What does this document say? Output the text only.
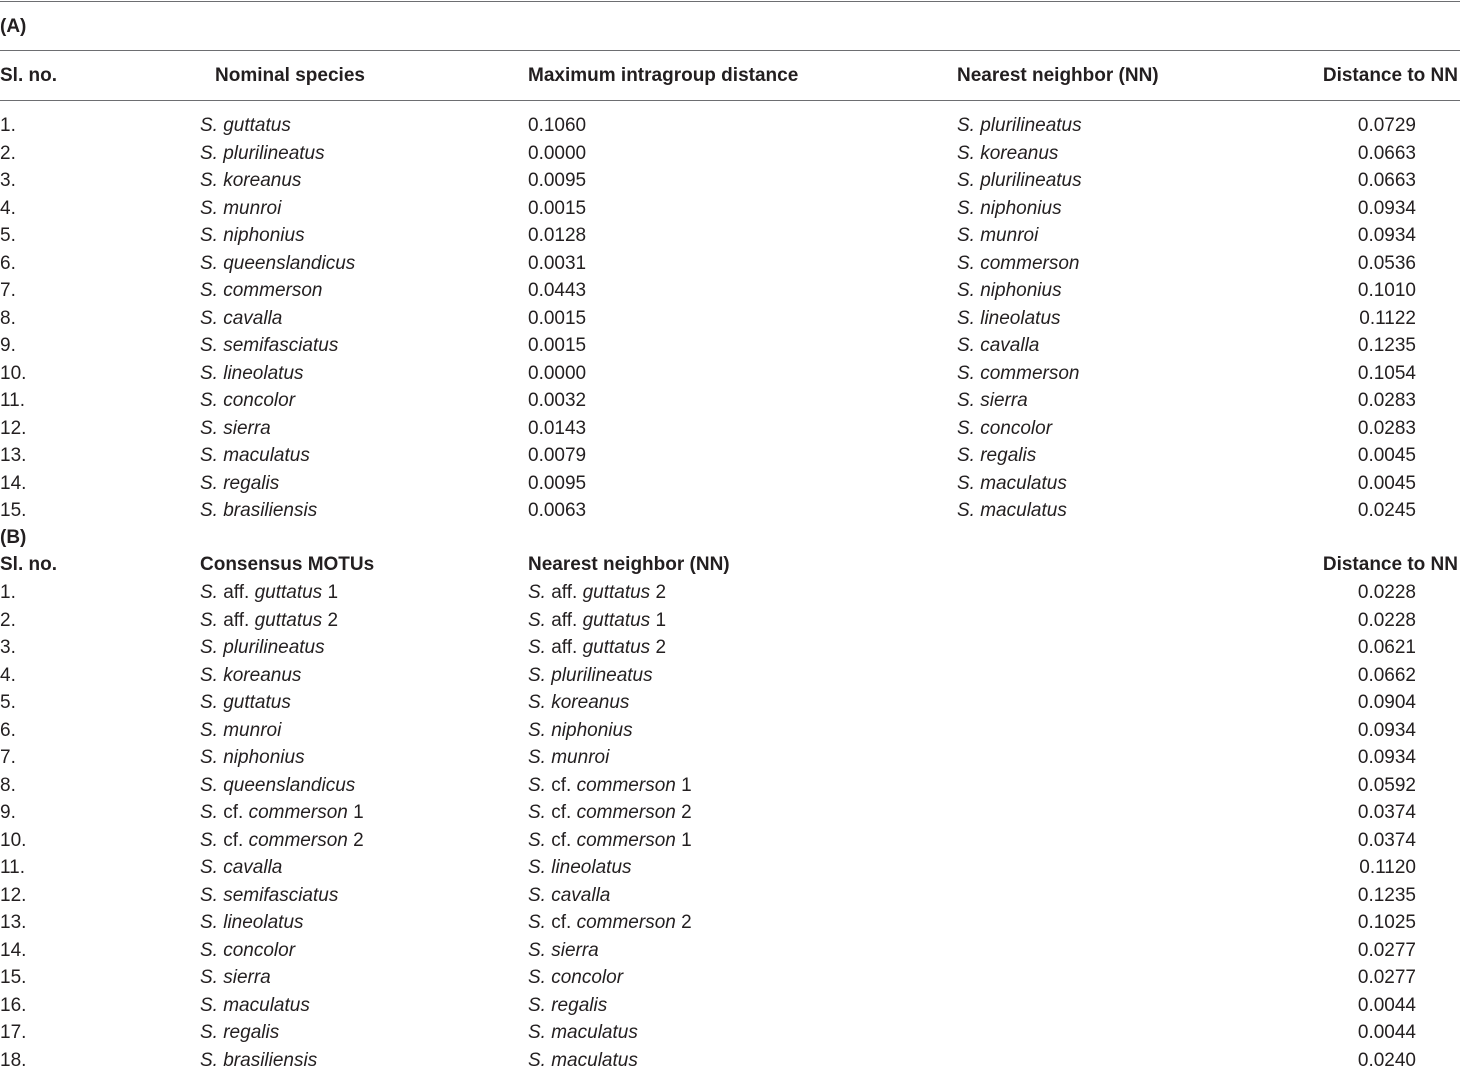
(A)
Sl. no.	Nominal species	Maximum intragroup distance	Nearest neighbor (NN)	Distance to NN
1.	S. guttatus	0.1060	S. plurilineatus	0.0729
2.	S. plurilineatus	0.0000	S. koreanus	0.0663
3.	S. koreanus	0.0095	S. plurilineatus	0.0663
4.	S. munroi	0.0015	S. niphonius	0.0934
5.	S. niphonius	0.0128	S. munroi	0.0934
6.	S. queenslandicus	0.0031	S. commerson	0.0536
7.	S. commerson	0.0443	S. niphonius	0.1010
8.	S. cavalla	0.0015	S. lineolatus	0.1122
9.	S. semifasciatus	0.0015	S. cavalla	0.1235
10.	S. lineolatus	0.0000	S. commerson	0.1054
11.	S. concolor	0.0032	S. sierra	0.0283
12.	S. sierra	0.0143	S. concolor	0.0283
13.	S. maculatus	0.0079	S. regalis	0.0045
14.	S. regalis	0.0095	S. maculatus	0.0045
15.	S. brasiliensis	0.0063	S. maculatus	0.0245
(B)
Sl. no.	Consensus MOTUs	Nearest neighbor (NN)	Distance to NN
1.	S. aff. guttatus 1	S. aff. guttatus 2	0.0228
2.	S. aff. guttatus 2	S. aff. guttatus 1	0.0228
3.	S. plurilineatus	S. aff. guttatus 2	0.0621
4.	S. koreanus	S. plurilineatus	0.0662
5.	S. guttatus	S. koreanus	0.0904
6.	S. munroi	S. niphonius	0.0934
7.	S. niphonius	S. munroi	0.0934
8.	S. queenslandicus	S. cf. commerson 1	0.0592
9.	S. cf. commerson 1	S. cf. commerson 2	0.0374
10.	S. cf. commerson 2	S. cf. commerson 1	0.0374
11.	S. cavalla	S. lineolatus	0.1120
12.	S. semifasciatus	S. cavalla	0.1235
13.	S. lineolatus	S. cf. commerson 2	0.1025
14.	S. concolor	S. sierra	0.0277
15.	S. sierra	S. concolor	0.0277
16.	S. maculatus	S. regalis	0.0044
17.	S. regalis	S. maculatus	0.0044
18.	S. brasiliensis	S. maculatus	0.0240
